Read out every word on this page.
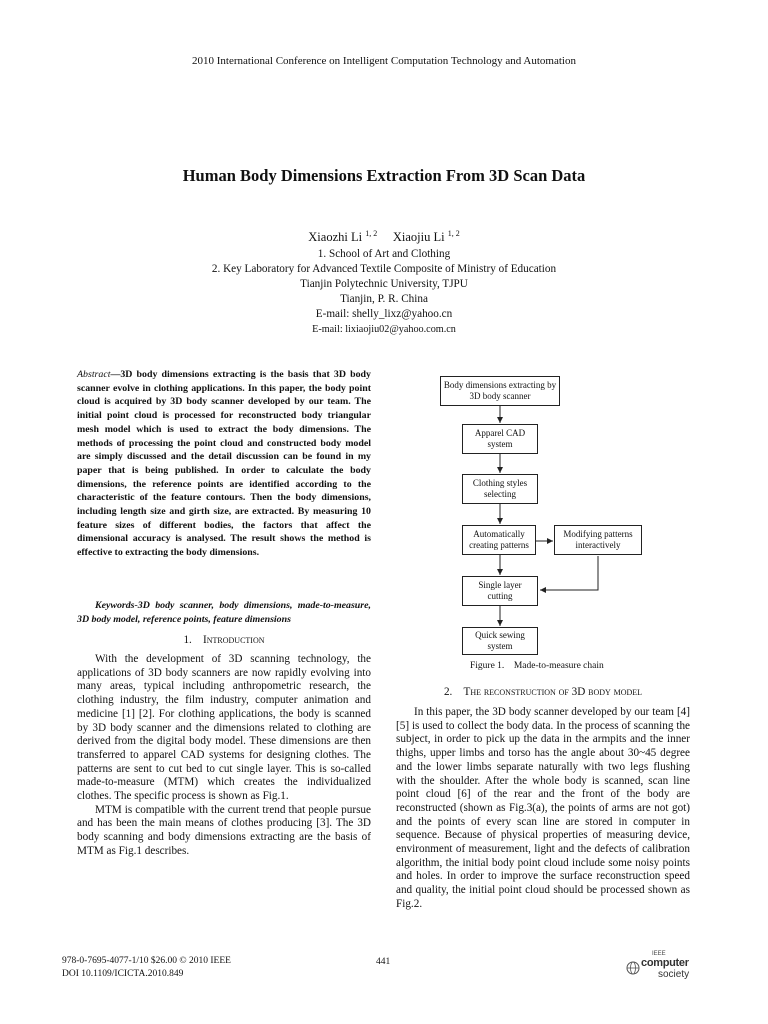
2010 International Conference on Intelligent Computation Technology and Automation
Human Body Dimensions Extraction From 3D Scan Data
Xiaozhi Li $^{1, 2}$ Xiaojiu Li $^{1, 2}$
1. School of Art and Clothing
2. Key Laboratory for Advanced Textile Composite of Ministry of Education
Tianjin Polytechnic University, TJPU
Tianjin, P. R. China
E-mail: shelly_lixz@yahoo.cn
E-mail: lixiaojiu02@yahoo.com.cn
Abstract—3D body dimensions extracting is the basis that 3D body scanner evolve in clothing applications. In this paper, the body point cloud is acquired by 3D body scanner developed by our team. The initial point cloud is processed for reconstructed body triangular mesh model which is used to extract the body dimensions. The methods of processing the point cloud and constructed body model are simply discussed and the detail discussion can be found in my paper that is being published. In order to calculate the body dimensions, the reference points are identified according to the characteristic of the feature contours. Then the body dimensions, including length size and girth size, are extracted. By measuring 10 feature sizes of different bodies, the factors that affect the dimensional accuracy is analysed. The result shows the method is effective to extracting the body dimensions.
Keywords-3D body scanner, body dimensions, made-to-measure, 3D body model, reference points, feature dimensions
1. Introduction

With the development of 3D scanning technology, the applications of 3D body scanners are now rapidly evolving into many areas, typical including anthropometric research, the clothing industry, the film industry, computer animation and medicine [1] [2]. For clothing applications, the body is scanned by 3D body scanner and the dimensions related to clothing are derived from the digital body model. These dimensions are then transferred to apparel CAD systems for designing clothes. The patterns are sent to cut bed to cut single layer. This is so-called made-to-measure (MTM) which creates the individualized clothes. The specific process is shown as Fig.1.

MTM is compatible with the current trend that people pursue and has been the main means of clothes producing [3]. The 3D body scanning and body dimensions extracting are the basis of MTM as Fig.1 describes.

Body dimensions extracting by 3D body scanner
Apparel CAD system
Clothing styles selecting
Automatically creating patterns
Modifying patterns interactively
Single layer cutting
Quick sewing system
Figure 1. Made-to-measure chain
2. The reconstruction of 3D body model

In this paper, the 3D body scanner developed by our team [4] [5] is used to collect the body data. In the process of scanning the subject, in order to pick up the data in the armpits and the inner thighs, upper limbs and torso has the angle about 30~45 degree and the lower limbs separate naturally with two legs flushing with the shoulder. After the whole body is scanned, scan line point cloud [6] of the rear and the front of the body are reconstructed (shown as Fig.3(a), the points of arms are not got) and the points of every scan line are stored in computer in sequence. Because of physical properties of measuring device, environment of measurement, light and the defects of calibration algorithm, the initial body point cloud include some noisy points and holes. In order to improve the surface reconstruction speed and quality, the initial point cloud should be processed shown as Fig.2.

978-0-7695-4077-1/10 $26.00 © 2010 IEEE
DOI 10.1109/ICICTA.2010.849
441
IEEE
computer
society
